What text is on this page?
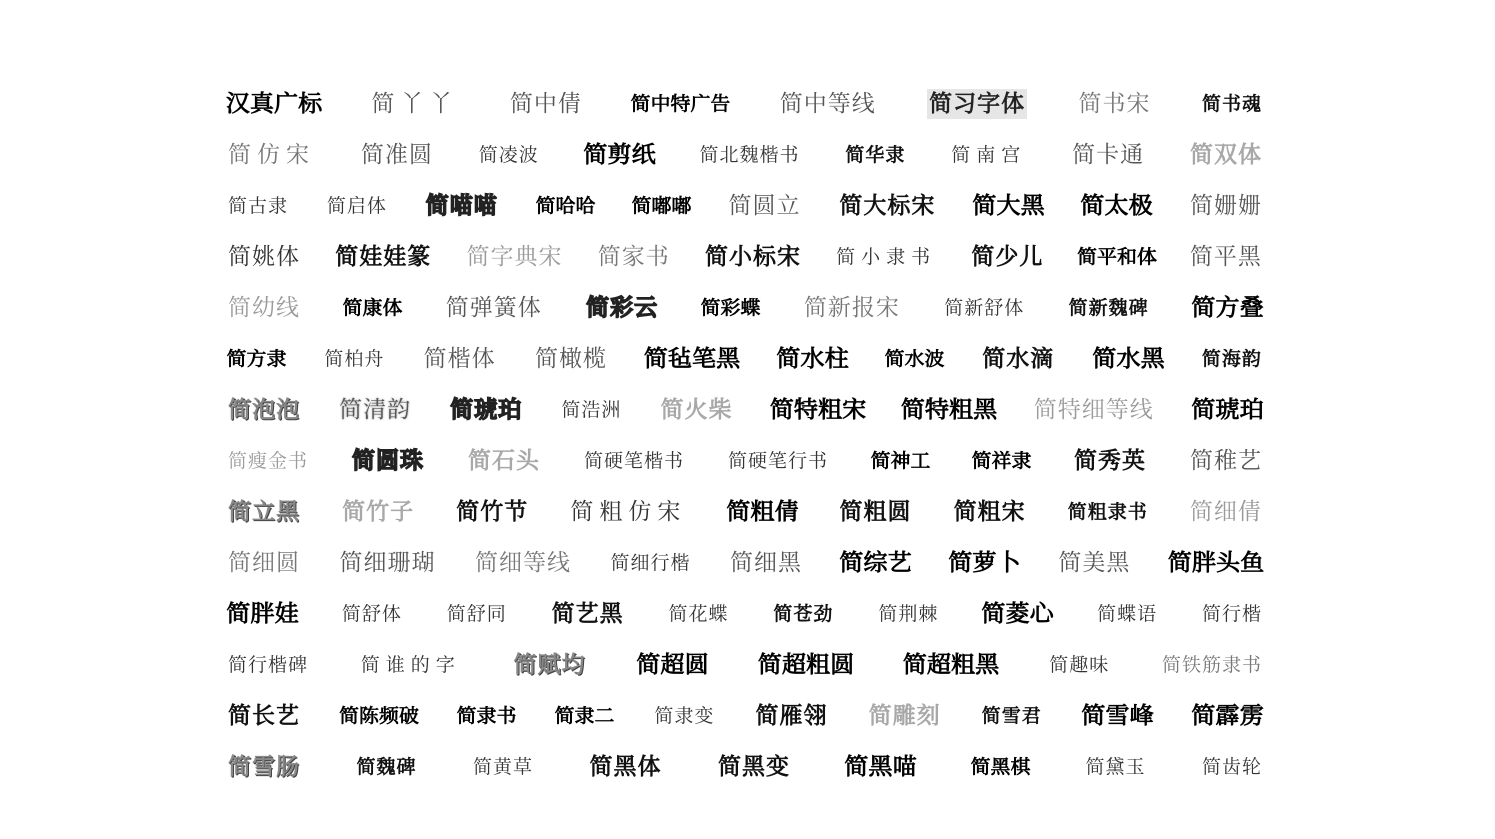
汉真广标 简丫丫 简中倩	简中特广告 简中等线 简习字体 简书宋	简书魂
简仿宋 简准圆 简凌波 简剪纸 简北魏楷书 简华隶 简南宫 简卡通 简双体
简古隶 简启体 简喵喵 简哈哈 简嘟嘟 简圆立 简大标宋 简大黑 简太极 简姗姗
简姚体 简娃娃篆 简字典宋 简家书 简小标宋 简小隶书 简少儿 简平和体 简平黑
简幼线 简康体 简弹簧体 简彩云 简彩蝶 简新报宋 简新舒体 简新魏碑 简方叠
简方隶 简柏舟 简楷体 简橄榄 简毡笔黑 简水柱 简水波 简水滴 简水黑 简海韵
简泡泡 简清韵 简琥珀 简浩洲 简火柴 简特粗宋 简特粗黑 简特细等线 简琥珀
简瘦金书 简圆珠 简石头 简硬笔楷书 简硬笔行书 简神工 简祥隶 简秀英 简稚艺
简立黑 简竹子 简竹节 简粗仿宋 简粗倩 简粗圆 简粗宋 简粗隶书 简细倩
简细圆 简细珊瑚 简细等线 简细行楷 简细黑 简综艺 简萝卜 简美黑 简胖头鱼
简胖娃 简舒体 简舒同 简艺黑 简花蝶 简苍劲 简荆棘 简菱心 简蝶语 简行楷
简行楷碑	简谁的字 简赋均 简超圆 简超粗圆 简超粗黑	简趣味	简铁筋隶书
简长艺 简陈频破 简隶书 简隶二 简隶变 简雁翎 简雕刻 简雪君 简雪峰 简霹雳
简雪肠	简魏碑	简黄草 简黑体 简黑变 简黑喵	简黑棋	简黛玉	简齿轮
